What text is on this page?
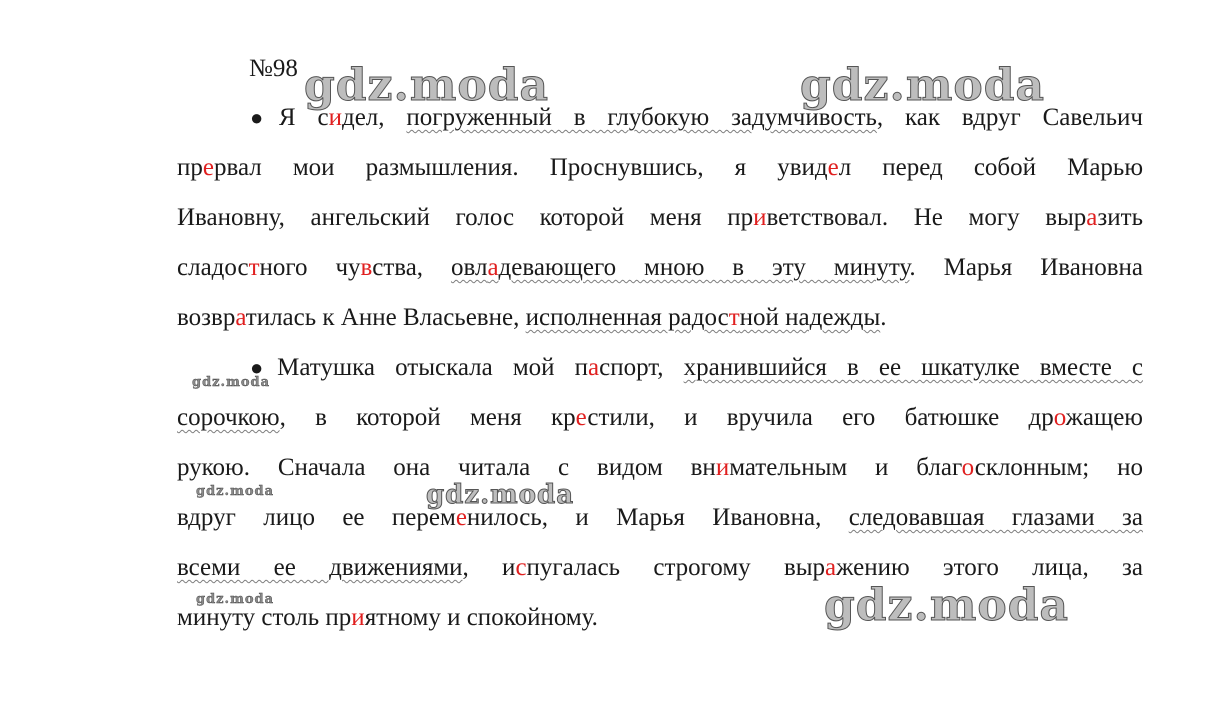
№98
●Я сидел, погруженный в глубокую задумчивость, как вдруг Савельич
прервал мои размышления. Проснувшись, я увидел перед собой Марью
Ивановну, ангельский голос которой меня приветствовал. Не могу выразить
сладостного чувства, овладевающего мною в эту минуту. Марья Ивановна
возвратилась к Анне Власьевне, исполненная радостной надежды.
●Матушка отыскала мой паспорт, хранившийся в ее шкатулке вместе с
сорочкою, в которой меня крестили, и вручила его батюшке дрожащею
рукою. Сначала она читала с видом внимательным и благосклонным; но
вдруг лицо ее переменилось, и Марья Ивановна, следовавшая глазами за
всеми ее движениями, испугалась строгому выражению этого лица, за
минуту столь приятному и спокойному.
gdz.moda	gdz.moda
gdz.moda
gdz.moda	gdz.moda
gdz.moda	gdz.moda
